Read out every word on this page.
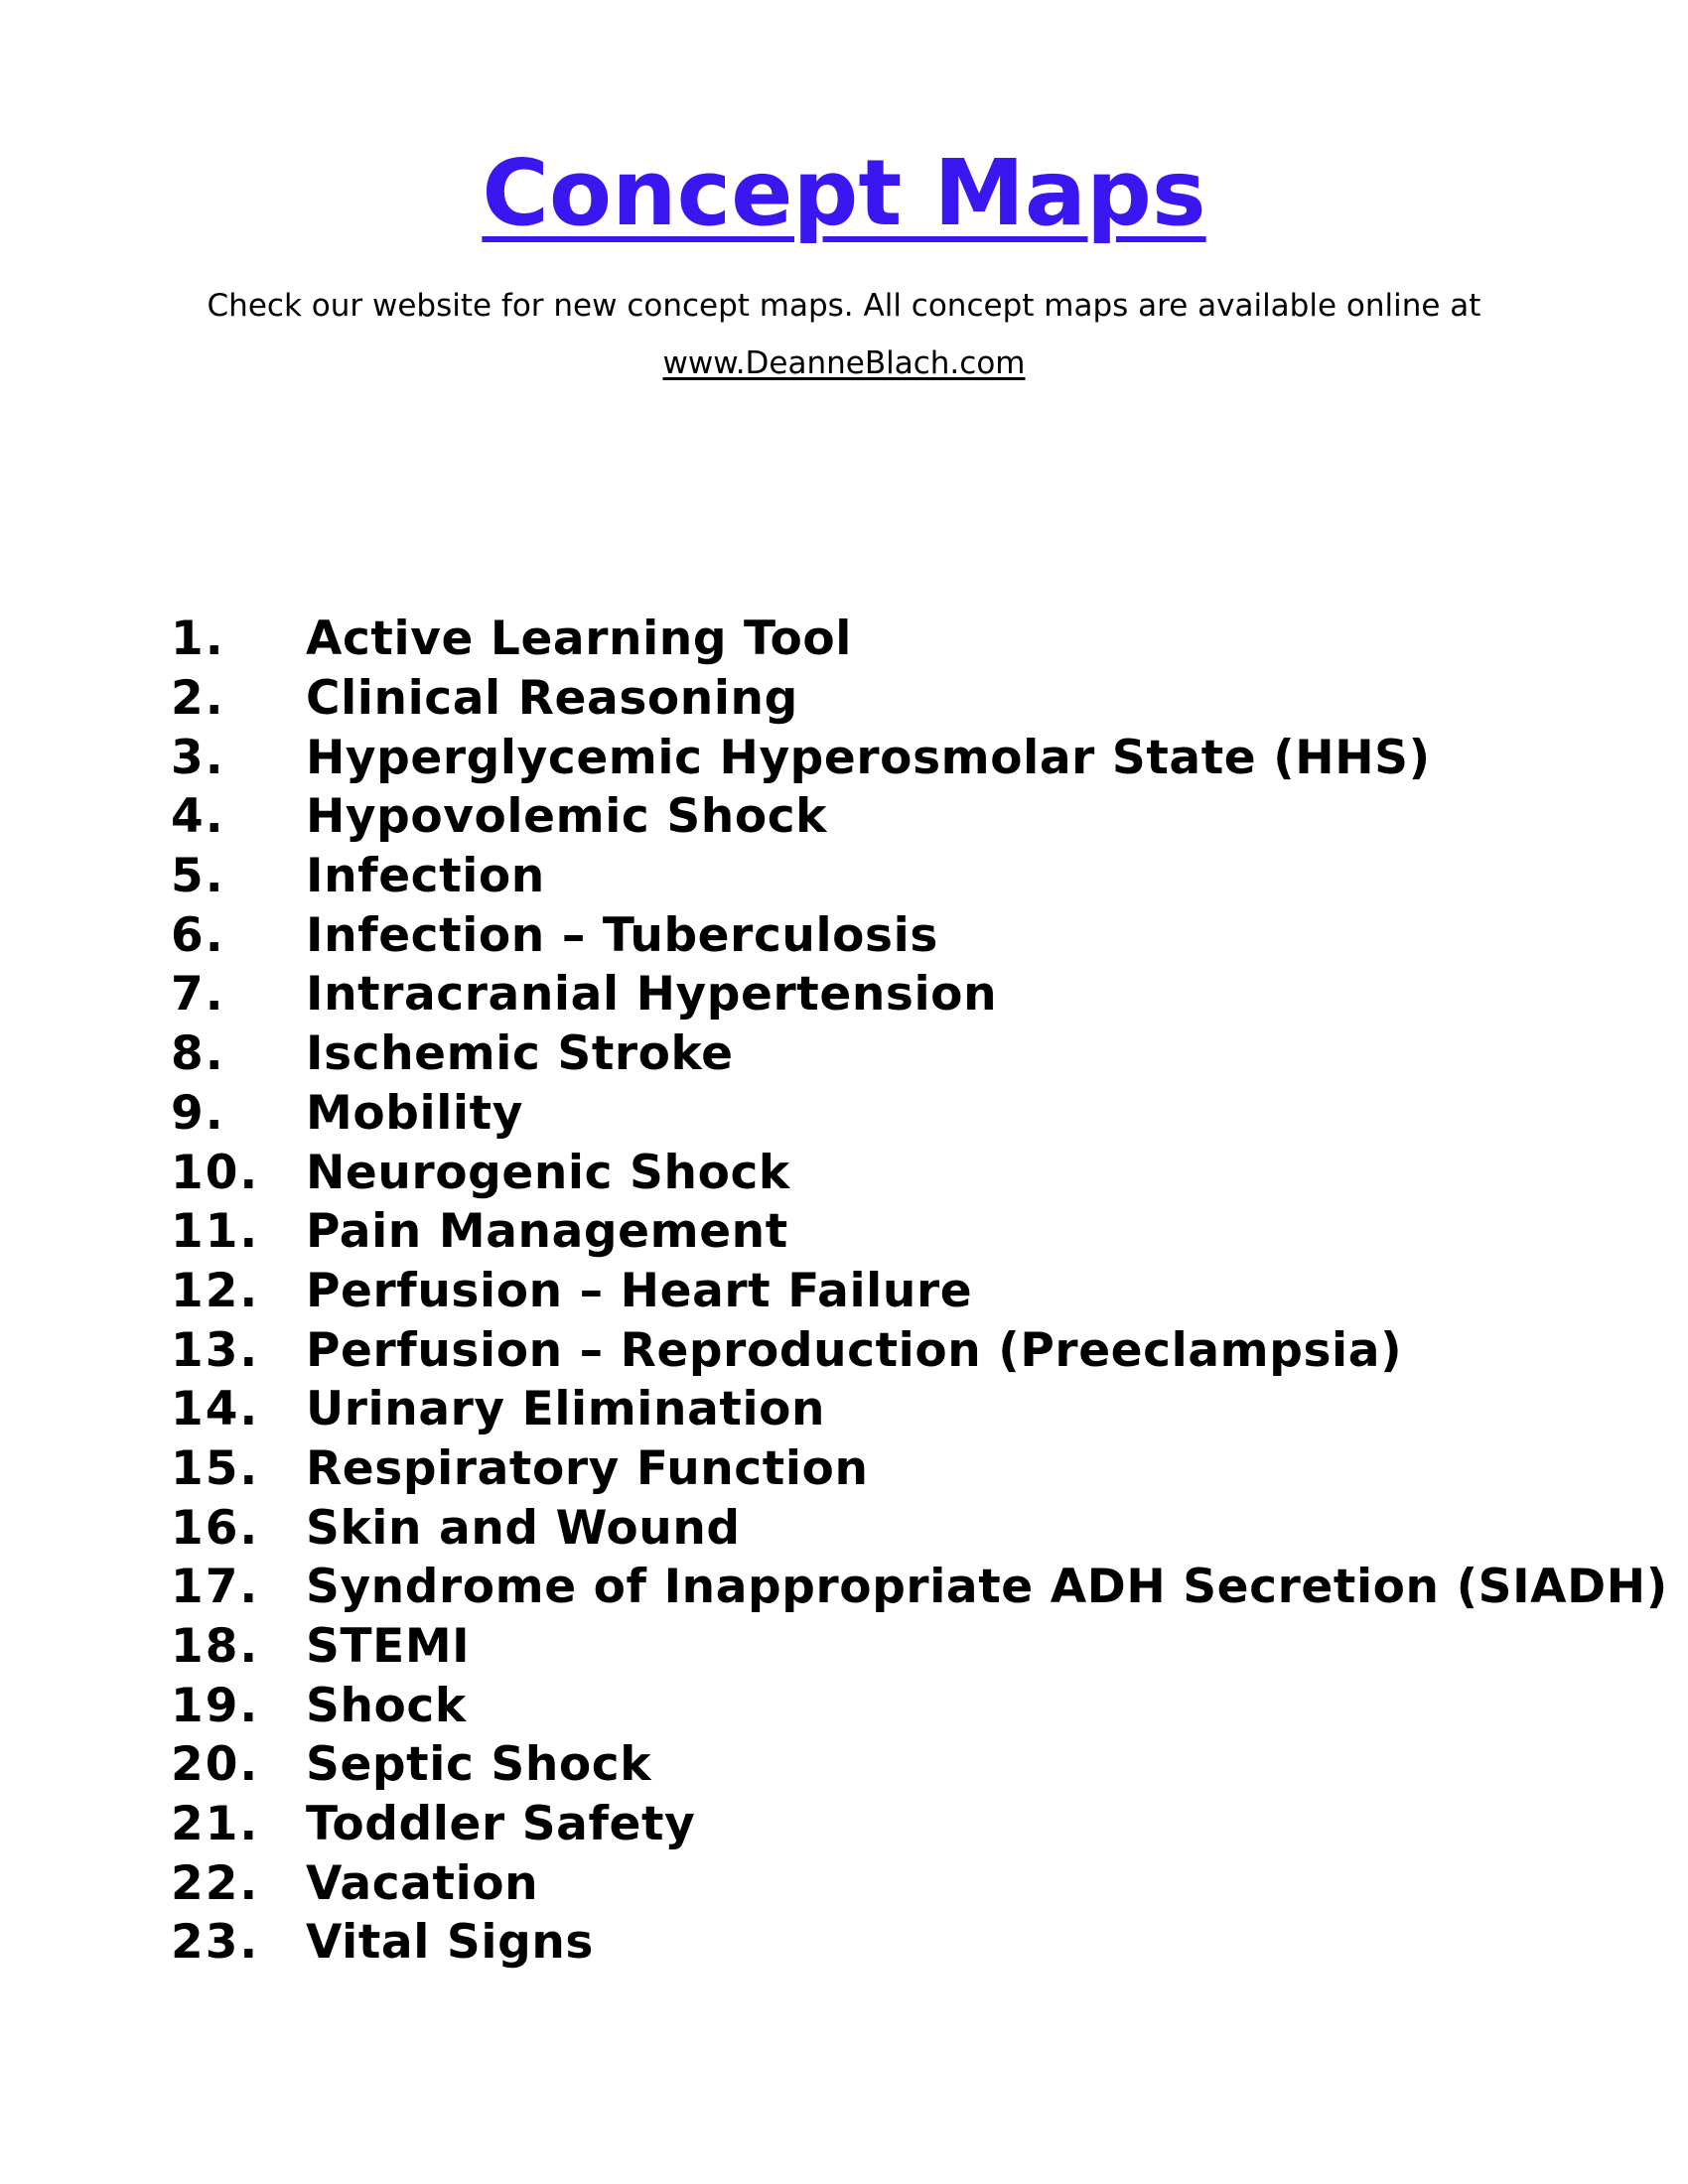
Concept Maps

Check our website for new concept maps. All concept maps are available online at

www.DeanneBlach.com

1.	Active Learning Tool
2.	Clinical Reasoning
3.	Hyperglycemic Hyperosmolar State (HHS)
4.	Hypovolemic Shock
5.	Infection
6.	Infection – Tuberculosis
7.	Intracranial Hypertension
8.	Ischemic Stroke
9.	Mobility
10. Neurogenic Shock
11. Pain Management
12. Perfusion – Heart Failure
13. Perfusion – Reproduction (Preeclampsia)
14. Urinary Elimination
15. Respiratory Function
16. Skin and Wound
17. Syndrome of Inappropriate ADH Secretion (SIADH)
18. STEMI
19. Shock
20. Septic Shock
21. Toddler Safety
22. Vacation
23. Vital Signs
